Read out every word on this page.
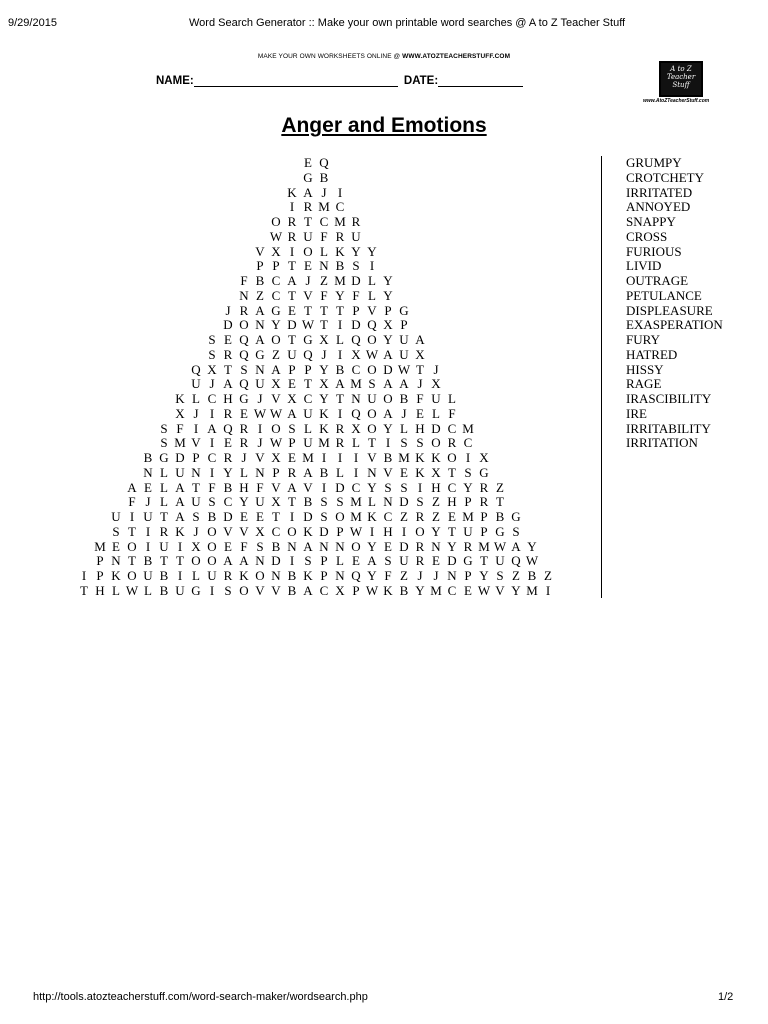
9/29/2015	Word Search Generator :: Make your own printable word searches @ A to Z Teacher Stuff
MAKE YOUR OWN WORKSHEETS ONLINE @ WWW.ATOZTEACHERSTUFF.COM
NAME:	DATE:
A to Z
Teacher
Stuff
www.AtoZTeacherStuff.com
Anger and Emotions
E Q
G B
K A J I
I R M C
O R T C M R
W R U F R U
V X I O L K Y Y
P P T E N B S I
F B C A J Z M D L Y
N Z C T V F Y F L Y
J R A G E T T T P V P G
D O N Y D W T I D Q X P
S E Q A O T G X L Q O Y U A
S R Q G Z U Q J I X W A U X
Q X T S N A P P Y B C O D W T J
U J A Q U X E T X A M S A A J X
K L C H G J V X C Y T N U O B F U L
X J I R E W W A U K I Q O A J E L F
S F I A Q R I O S L K R X O Y L H D C M
S M V I E R J W P U M R L T I S S O R C
B G D P C R J V X E M I I I V B M K K O I X
N L U N I Y L N P R A B L I N V E K X T S G
A E L A T F B H F V A V I D C Y S S I H C Y R Z
F J L A U S C Y U X T B S S M L N D S Z H P R T
U I U T A S B D E E T I D S O M K C Z R Z E M P B G
S T I R K J O V V X C O K D P W I H I O Y T U P G S
M E O I U I X O E F S B N A N N O Y E D R N Y R M W A Y
P N T B T T O O A A N D I S P L E A S U R E D G T U Q W
I P K O U B I L U R K O N B K P N Q Y F Z J J N P Y S Z B Z
T H L W L B U G I S O V V B A C X P W K B Y M C E W V Y M I
GRUMPY
CROTCHETY
IRRITATED
ANNOYED
SNAPPY
CROSS
FURIOUS
LIVID
OUTRAGE
PETULANCE
DISPLEASURE
EXASPERATION
FURY
HATRED
HISSY
RAGE
IRASCIBILITY
IRE
IRRITABILITY
IRRITATION
http://tools.atozteacherstuff.com/word-search-maker/wordsearch.php	1/2
